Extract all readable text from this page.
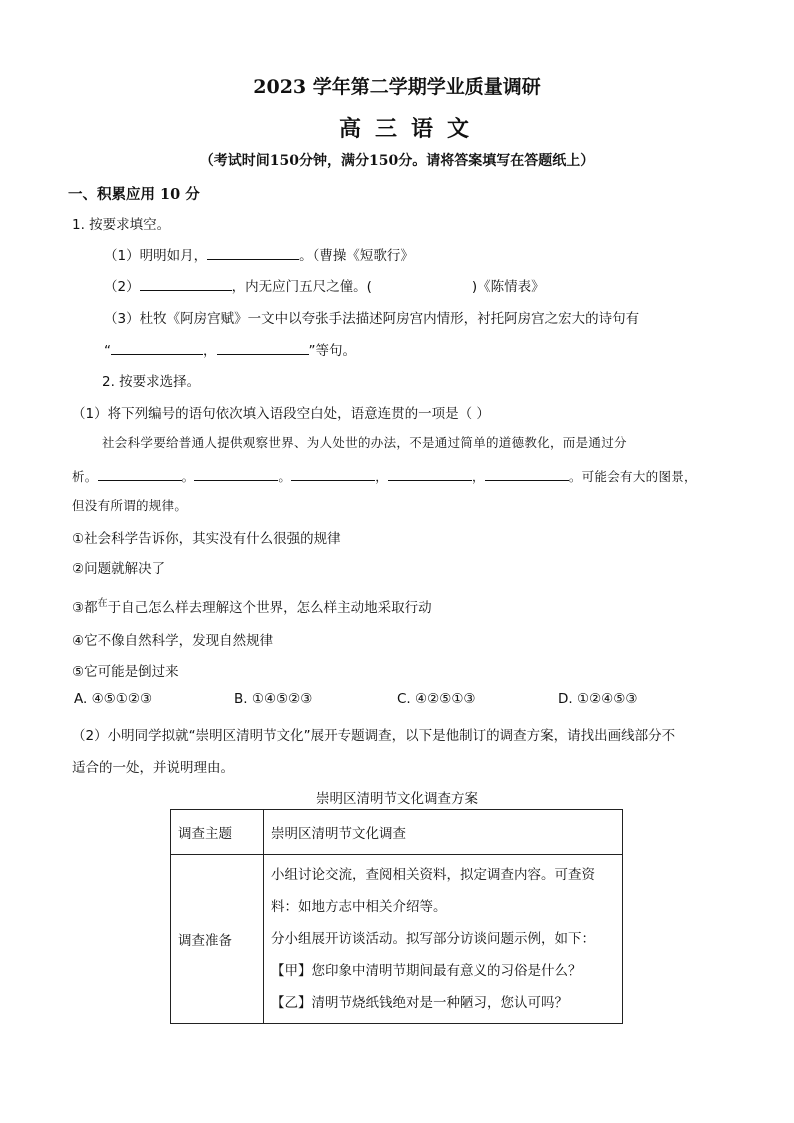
2023 学年第二学期学业质量调研
高三语文
（考试时间150分钟，满分150分。请将答案填写在答题纸上）
一、积累应用 10 分
1. 按要求填空。
（1）明明如月，	。（曹操《短歌行》
（2）	，内无应门五尺之僮。(	)《陈情表》
（3）杜牧《阿房宫赋》一文中以夸张手法描述阿房宫内情形，衬托阿房宫之宏大的诗句有
“	，	”等句。
2. 按要求选择。
（1）将下列编号的语句依次填入语段空白处，语意连贯的一项是（ ）
社会科学要给普通人提供观察世界、为人处世的办法，不是通过简单的道德教化，而是通过分
析。	。	。	，	，	。可能会有大的图景，
但没有所谓的规律。
①社会科学告诉你，其实没有什么很强的规律
②问题就解决了
③都$^在$于自己怎么样去理解这个世界，怎么样主动地采取行动
④它不像自然科学，发现自然规律
⑤它可能是倒过来
A. ④⑤①②③	B. ①④⑤②③	C. ④②⑤①③	D. ①②④⑤③
（2）小明同学拟就“崇明区清明节文化”展开专题调查，以下是他制订的调查方案，请找出画线部分不
适合的一处，并说明理由。
崇明区清明节文化调查方案
调查主题	崇明区清明节文化调查
调查准备	小组讨论交流，查阅相关资料，拟定调查内容。可查资
料：如地方志中相关介绍等。
分小组展开访谈活动。拟写部分访谈问题示例，如下：
【甲】您印象中清明节期间最有意义的习俗是什么？
【乙】清明节烧纸钱绝对是一种陋习，您认可吗？
